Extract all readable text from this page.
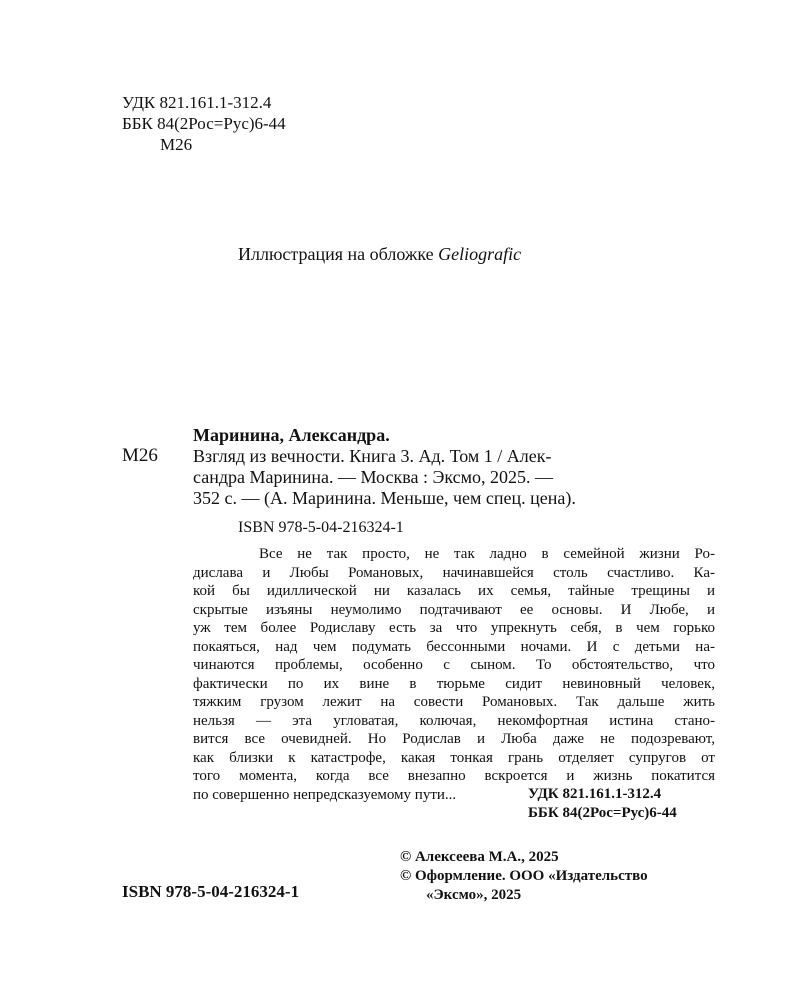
УДК 821.161.1-312.4
ББК 84(2Рос=Рус)6-44
М26
Иллюстрация на обложке Geliografic
Маринина, Александра.
М26 Взгляд из вечности. Книга 3. Ад. Том 1 / Алек-
сандра Маринина. — Москва : Эксмо, 2025. —
352 с. — (А. Маринина. Меньше, чем спец. цена).
ISBN 978-5-04-216324-1
Все не так просто, не так ладно в семейной жизни Ро-
дислава и Любы Романовых, начинавшейся столь счастливо. Ка-
кой бы идиллической ни казалась их семья, тайные трещины и
скрытые изъяны неумолимо подтачивают ее основы. И Любе, и
уж тем более Родиславу есть за что упрекнуть себя, в чем горько
покаяться, над чем подумать бессонными ночами. И с детьми на-
чинаются проблемы, особенно с сыном. То обстоятельство, что
фактически по их вине в тюрьме сидит невиновный человек,
тяжким грузом лежит на совести Романовых. Так дальше жить
нельзя — эта угловатая, колючая, некомфортная истина стано-
вится все очевидней. Но Родислав и Люба даже не подозревают,
как близки к катастрофе, какая тонкая грань отделяет супругов от
того момента, когда все внезапно вскроется и жизнь покатится
по совершенно непредсказуемому пути...	УДК 821.161.1-312.4
ББК 84(2Рос=Рус)6-44
© Алексеева М.А., 2025
© Оформление. ООО «Издательство
«Эксмо», 2025
ISBN 978-5-04-216324-1
